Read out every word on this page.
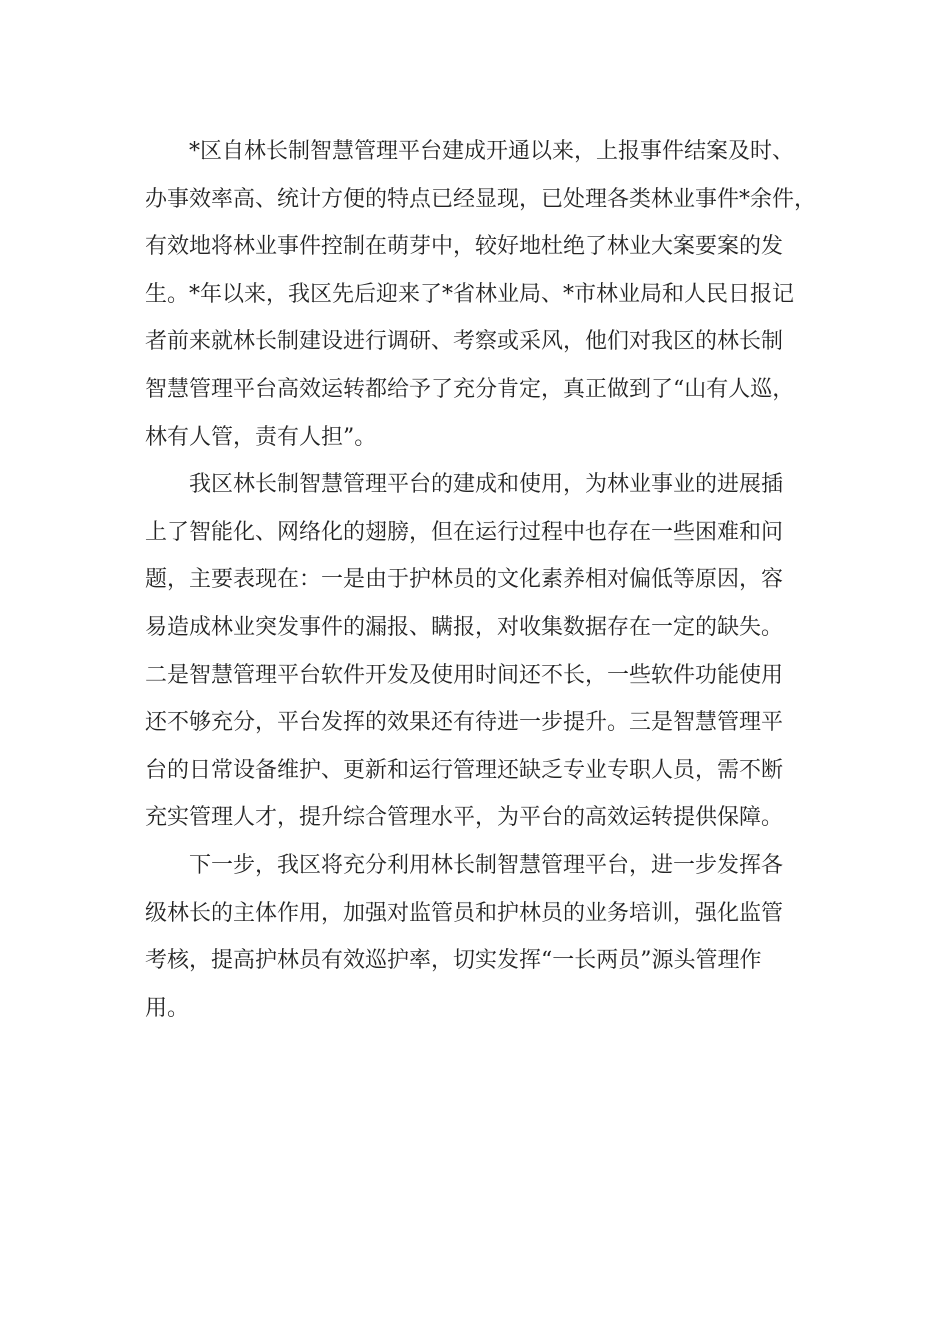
*区自林长制智慧管理平台建成开通以来，上报事件结案及时、
办事效率高、统计方便的特点已经显现，已处理各类林业事件*余件，
有效地将林业事件控制在萌芽中，较好地杜绝了林业大案要案的发
生。*年以来，我区先后迎来了*省林业局、*市林业局和人民日报记
者前来就林长制建设进行调研、考察或采风，他们对我区的林长制
智慧管理平台高效运转都给予了充分肯定，真正做到了“山有人巡，
林有人管，责有人担”。

我区林长制智慧管理平台的建成和使用，为林业事业的进展插
上了智能化、网络化的翅膀，但在运行过程中也存在一些困难和问
题，主要表现在：一是由于护林员的文化素养相对偏低等原因，容
易造成林业突发事件的漏报、瞒报，对收集数据存在一定的缺失。
二是智慧管理平台软件开发及使用时间还不长，一些软件功能使用
还不够充分，平台发挥的效果还有待进一步提升。三是智慧管理平
台的日常设备维护、更新和运行管理还缺乏专业专职人员，需不断
充实管理人才，提升综合管理水平，为平台的高效运转提供保障。

下一步，我区将充分利用林长制智慧管理平台，进一步发挥各
级林长的主体作用，加强对监管员和护林员的业务培训，强化监管
考核，提高护林员有效巡护率，切实发挥“一长两员”源头管理作
用。
